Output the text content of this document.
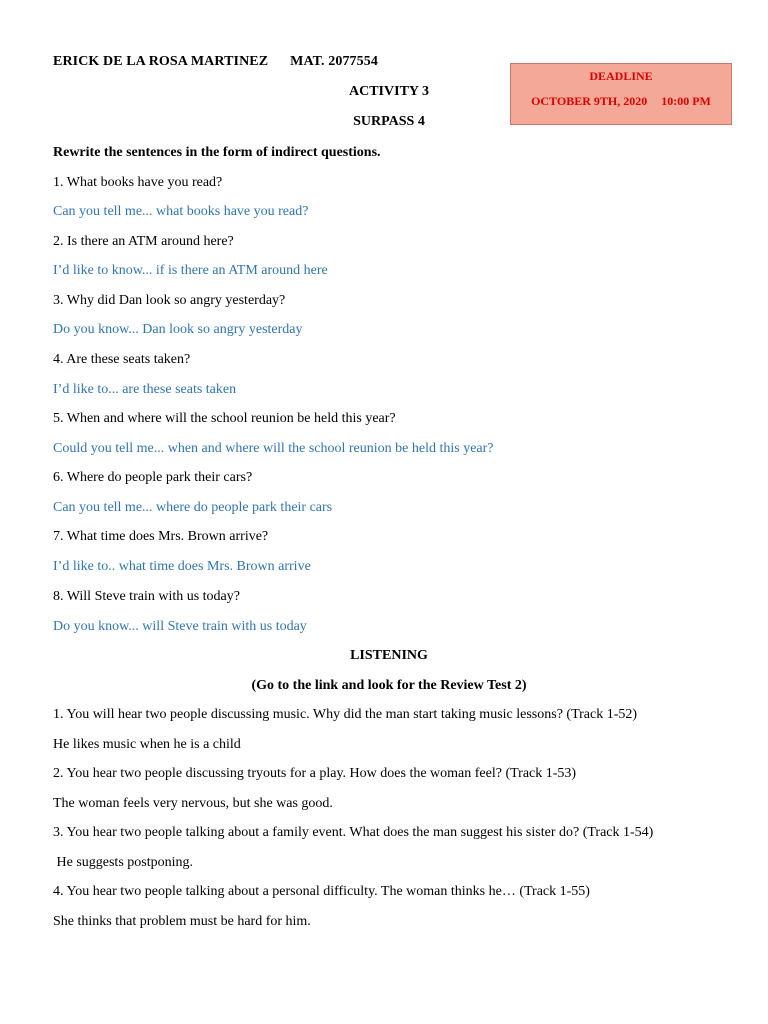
ERICK DE LA ROSA MARTINEZ MAT. 2077554
DEADLINE
OCTOBER 9TH, 2020 10:00 PM
ACTIVITY 3
SURPASS 4
Rewrite the sentences in the form of indirect questions.
1. What books have you read?
Can you tell me... what books have you read?
2. Is there an ATM around here?
I’d like to know... if is there an ATM around here
3. Why did Dan look so angry yesterday?
Do you know... Dan look so angry yesterday
4. Are these seats taken?
I’d like to... are these seats taken
5. When and where will the school reunion be held this year?
Could you tell me... when and where will the school reunion be held this year?
6. Where do people park their cars?
Can you tell me... where do people park their cars
7. What time does Mrs. Brown arrive?
I’d like to.. what time does Mrs. Brown arrive
8. Will Steve train with us today?
Do you know... will Steve train with us today
LISTENING
(Go to the link and look for the Review Test 2)
1. You will hear two people discussing music. Why did the man start taking music lessons? (Track 1-52)
He likes music when he is a child
2. You hear two people discussing tryouts for a play. How does the woman feel? (Track 1-53)
The woman feels very nervous, but she was good.
3. You hear two people talking about a family event. What does the man suggest his sister do? (Track 1-54)
He suggests postponing.
4. You hear two people talking about a personal difficulty. The woman thinks he… (Track 1-55)
She thinks that problem must be hard for him.
